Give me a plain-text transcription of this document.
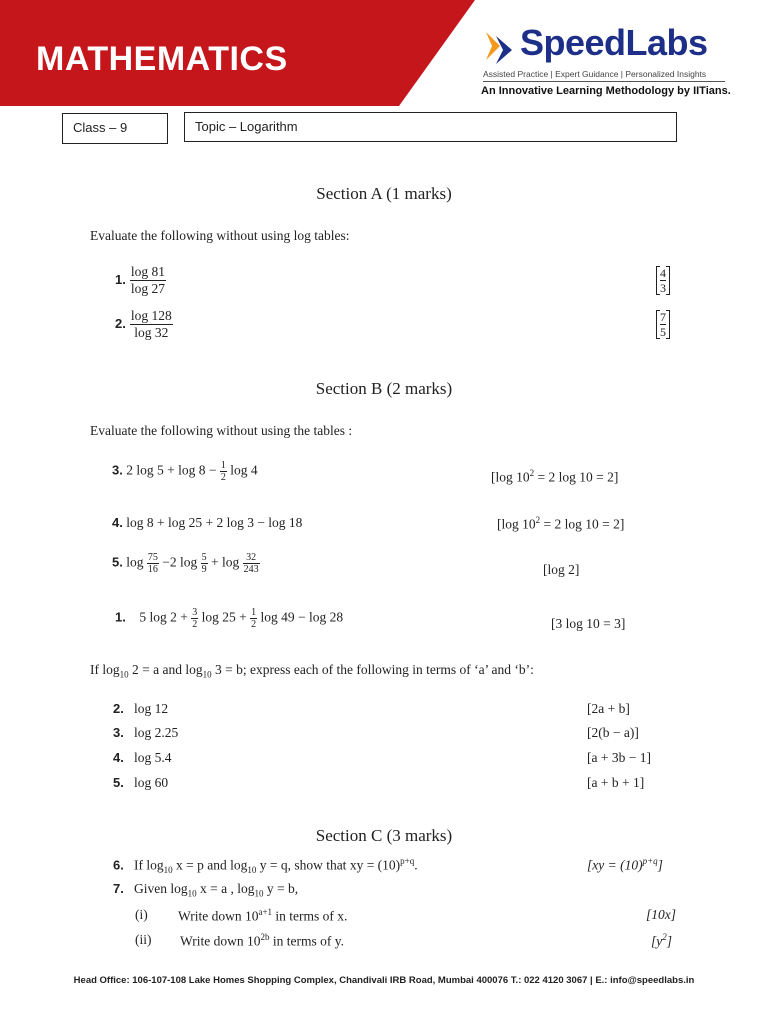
MATHEMATICS	SpeedLabs
Assisted Practice | Expert Guidance | Personalized Insights
An Innovative Learning Methodology by IITians.
Class – 9	Topic – Logarithm
Section A (1 marks)
Evaluate the following without using log tables:
1. $\frac{\log 81}{\log 27}$	$\frac{4}{3}$
2. $\frac{\log 128}{\log 32}$	$\frac{7}{5}$
Section B (2 marks)
Evaluate the following without using the tables :
3. 2 $\log 5 + \log 8 - \frac{1}{2}$ log 4	[log $10^2 = 2$ log 10 = 2]
4. log 8 + log 25 + 2 log 3 − log 18	[log $10^2 = 2$ log 10 = 2]
5. $\log \frac{75}{16} -2$ $\log \frac{5}{9} + \log \frac{32}{243}$	[log 2]
1. 5 $\log 2 + \frac{3}{2}$ $\log 25 + \frac{1}{2}$ log 49 − log 28	[3 log 10 = 3]
If $\log_{10} 2 = a$ and $\log_{10} 3 = b$; express each of the following in terms of ‘a’ and ‘b’:
2. log 12	[2a + b]
3. log 2.25	[2(b − a)]
4. log 5.4	[a + 3b − 1]
5. log 60	[a + b + 1]
Section C (3 marks)
6. If $\log_{10} x = p$ and $\log_{10} y = q$, show that xy = $(10)^{p+q}$.	$[xy = (10)^{p+q}]$
7. Given $\log_{10} x = a$ , $\log_{10} y = b$,
(i) Write down $10^{a+1}$ in terms of x.	[10x]
(ii) Write down $10^{2b}$ in terms of y.	$[y^2]$
Head Office: 106-107-108 Lake Homes Shopping Complex, Chandivali IRB Road, Mumbai 400076 T.: 022 4120 3067 | E.: info@speedlabs.in
